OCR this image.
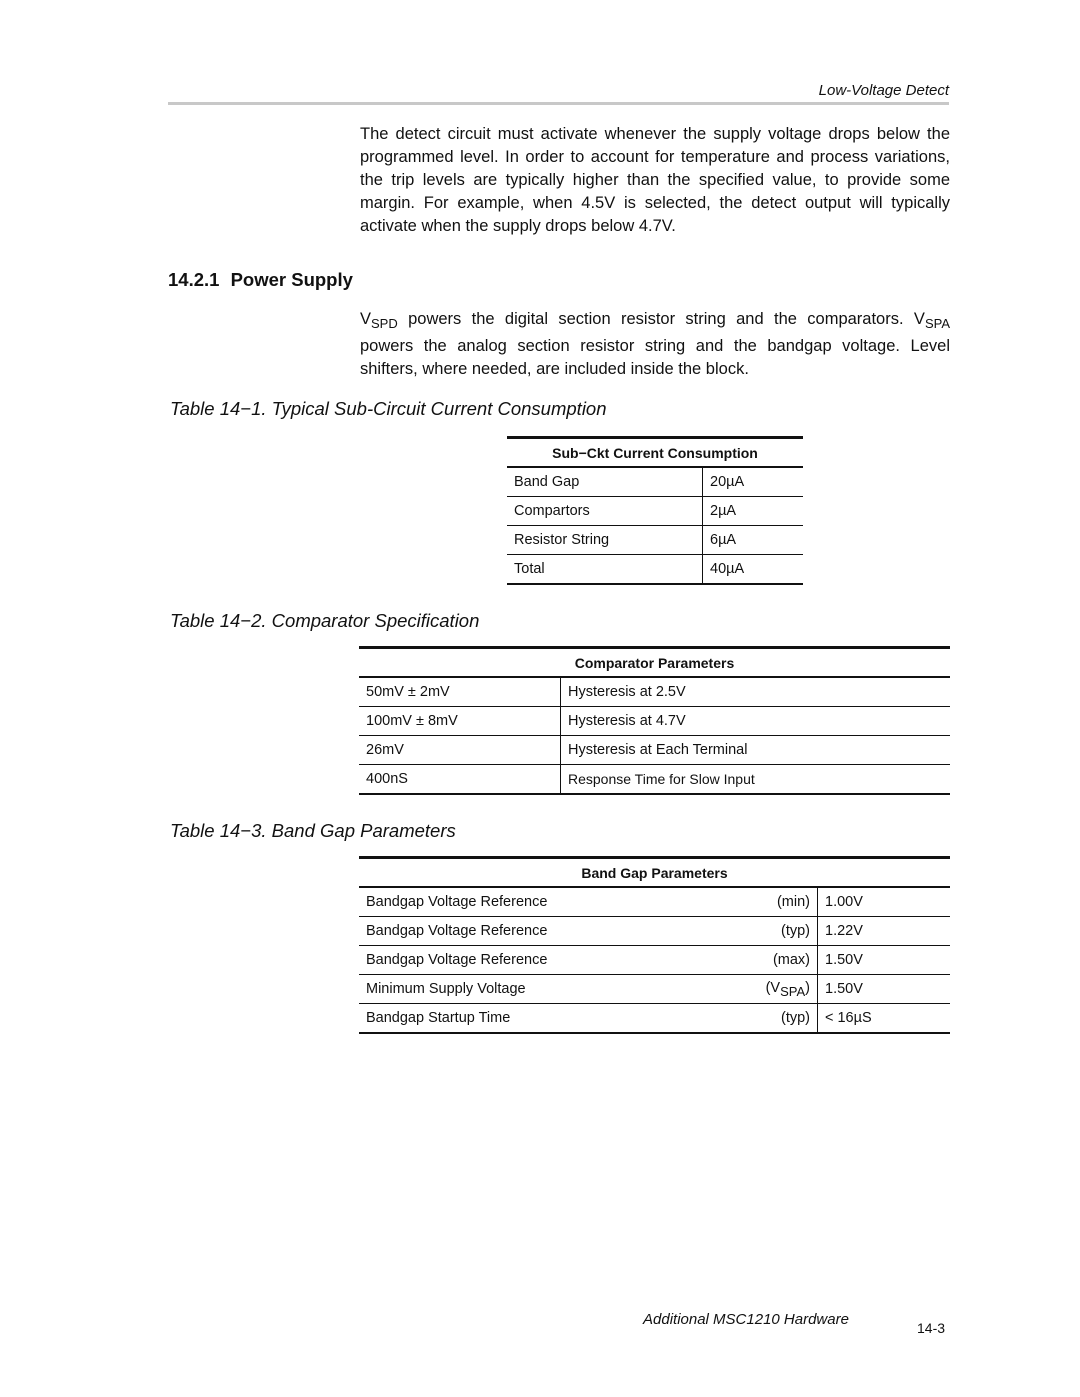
Low-Voltage Detect

The detect circuit must activate whenever the supply voltage drops below the programmed level. In order to account for temperature and process variations, the trip levels are typically higher than the specified value, to provide some margin. For example, when 4.5V is selected, the detect output will typically activate when the supply drops below 4.7V.

14.2.1 Power Supply

$V_{SPD}$ powers the digital section resistor string and the comparators. $V_{SPA}$ powers the analog section resistor string and the bandgap voltage. Level shifters, where needed, are included inside the block.

Table 14−1. Typical Sub-Circuit Current Consumption
Sub−Ckt Current Consumption	
Band Gap	20µA
Compartors	2µA
Resistor String	6µA
Total	40µA
Table 14−2. Comparator Specification
Comparator Parameters	
50mV ± 2mV	Hysteresis at 2.5V
100mV ± 8mV	Hysteresis at 4.7V
26mV	Hysteresis at Each Terminal
400nS	Response Time for Slow Input
Table 14−3. Band Gap Parameters
Band Gap Parameters		
Bandgap Voltage Reference	(min)	1.00V
Bandgap Voltage Reference	(typ)	1.22V
Bandgap Voltage Reference	(max)	1.50V
Minimum Supply Voltage	(VSPA)	1.50V
Bandgap Startup Time	(typ)	< 16µS
Additional MSC1210 Hardware	14-3
